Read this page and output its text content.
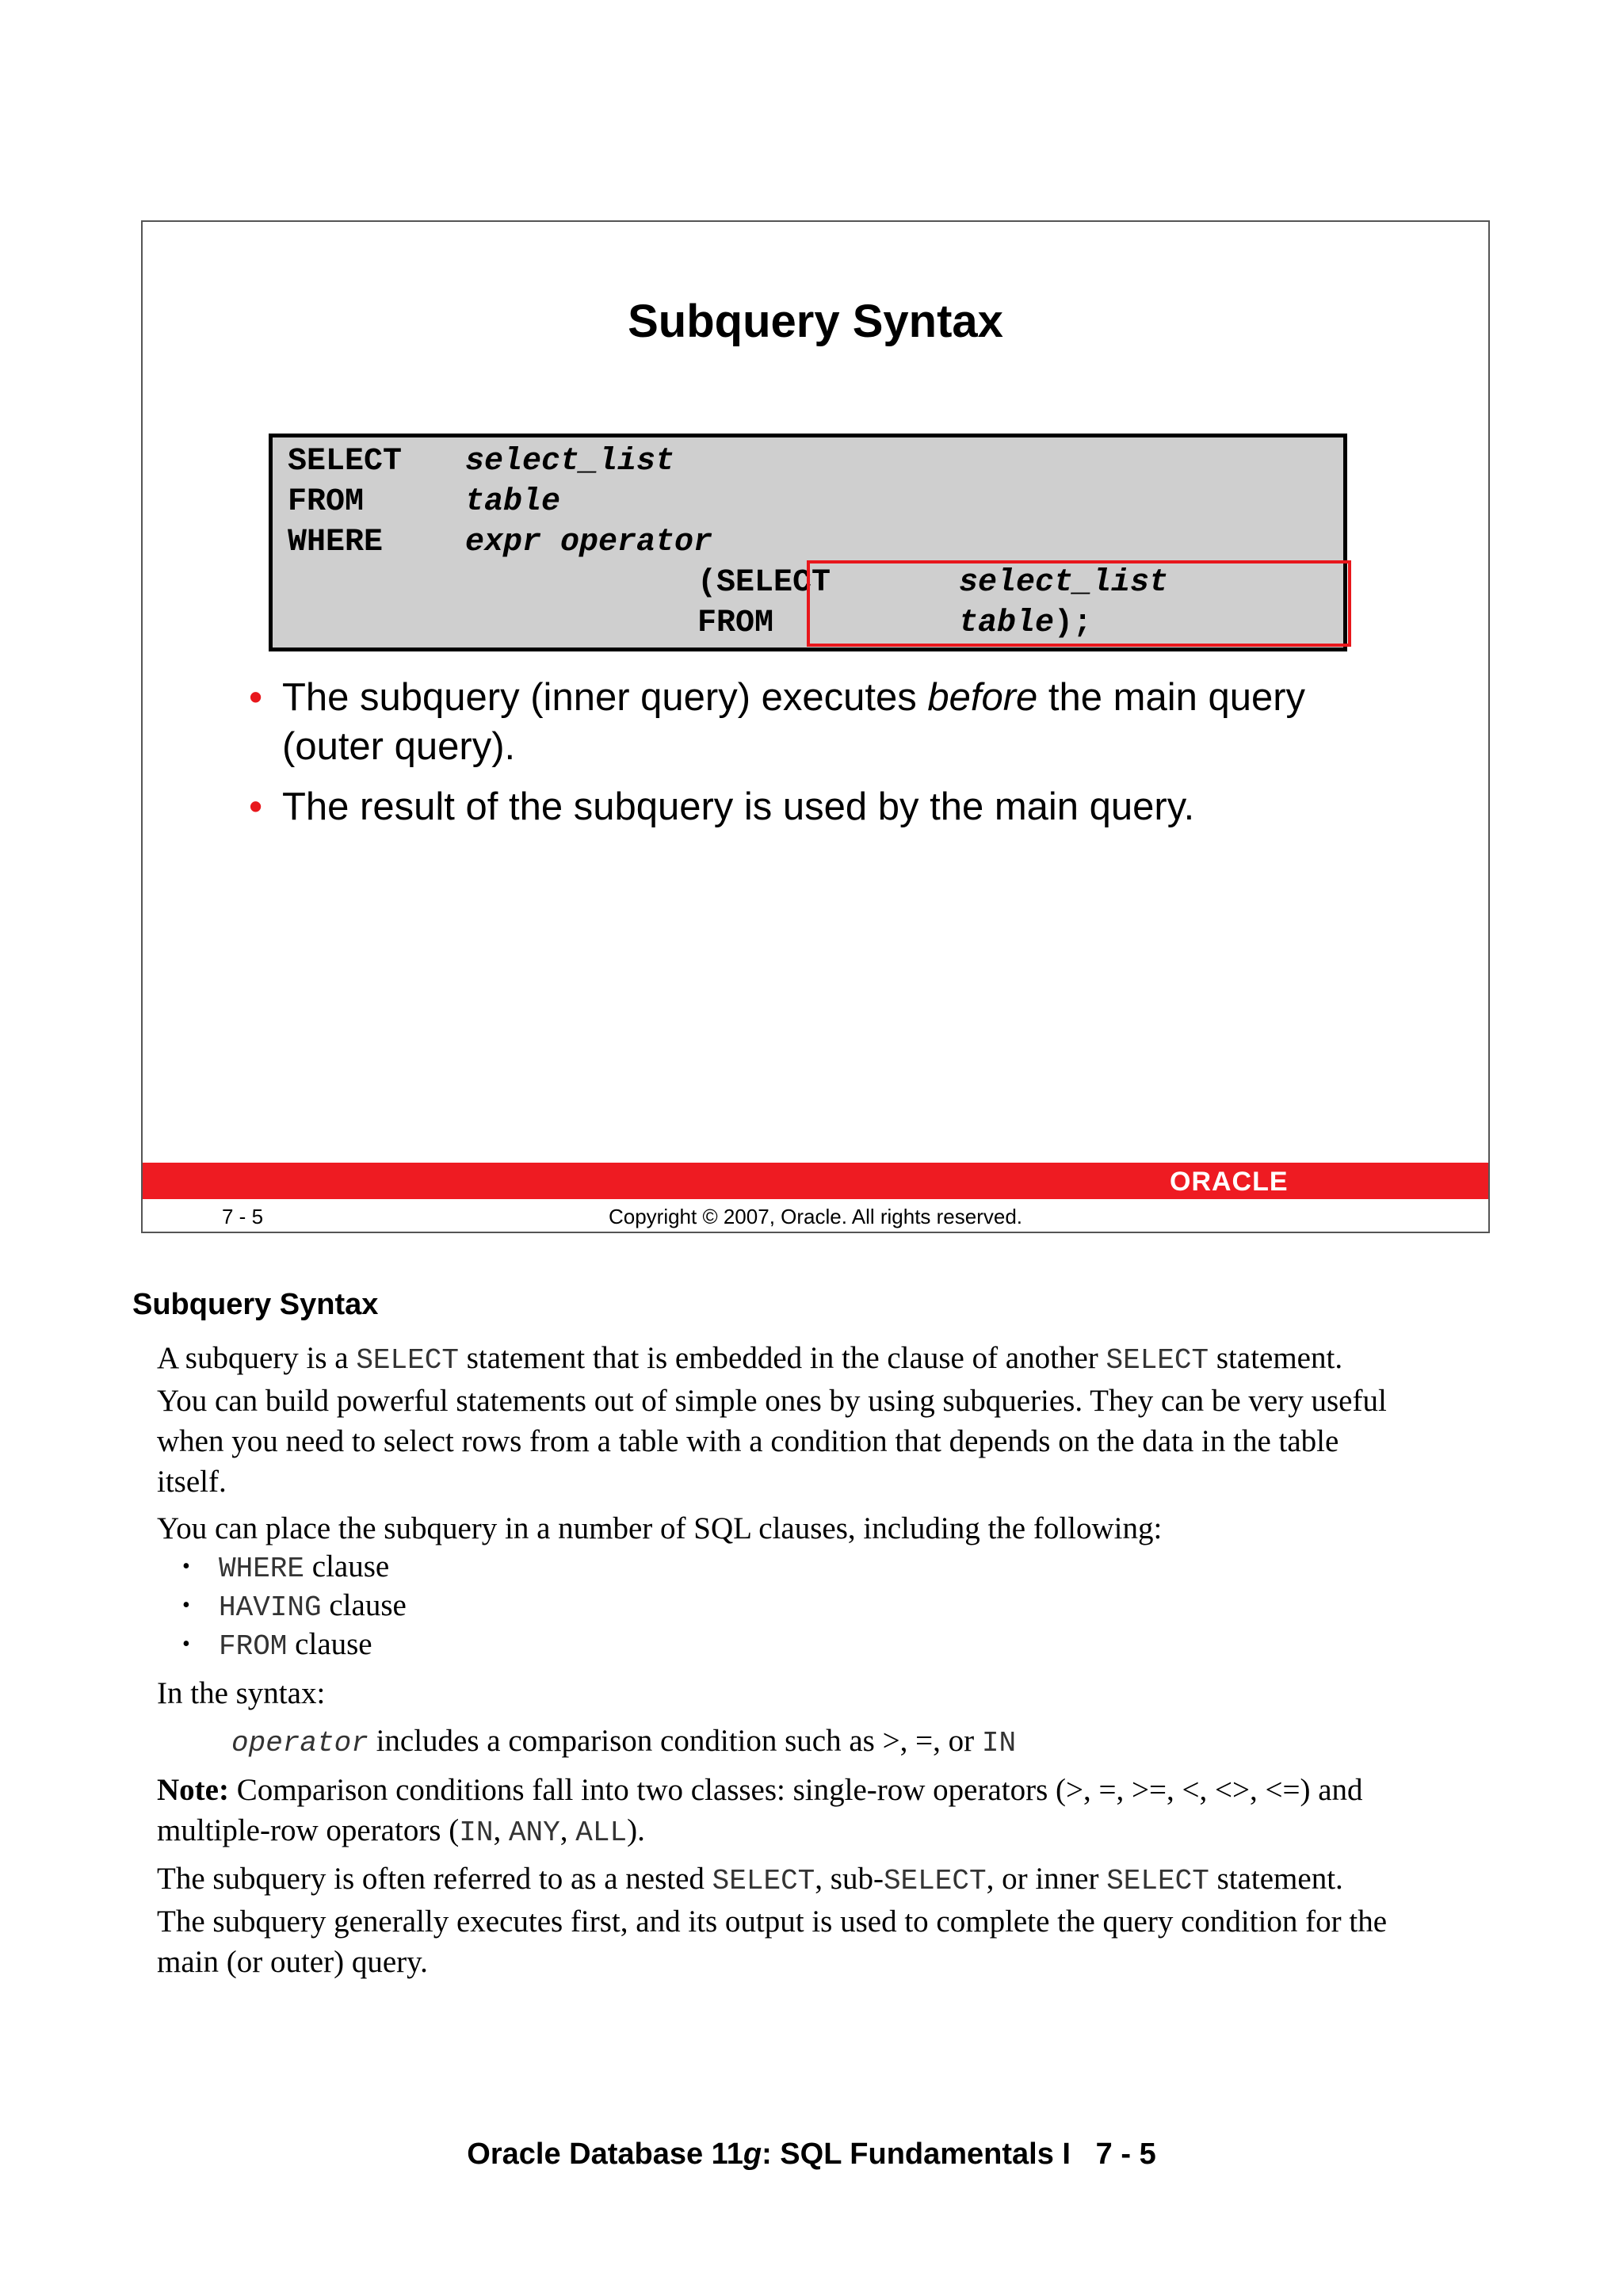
Subquery Syntax
SELECT select_list
FROM	table
WHERE	expr operator
(SELECT	select_list
FROM	table);
• The subquery (inner query) executes before the main query
(outer query).
• The result of the subquery is used by the main query.
ORACLE
7 - 5	Copyright © 2007, Oracle. All rights reserved.
Subquery Syntax
A subquery is a SELECT statement that is embedded in the clause of another SELECT statement.
You can build powerful statements out of simple ones by using subqueries. They can be very useful
when you need to select rows from a table with a condition that depends on the data in the table
itself.
You can place the subquery in a number of SQL clauses, including the following:
• WHERE clause
• HAVING clause
• FROM clause
In the syntax:
operator includes a comparison condition such as >, =, or IN
Note: Comparison conditions fall into two classes: single-row operators (>, =, >=, <, <>, <=) and
multiple-row operators (IN, ANY, ALL).
The subquery is often referred to as a nested SELECT, sub-SELECT, or inner SELECT statement.
The subquery generally executes first, and its output is used to complete the query condition for the
main (or outer) query.
Oracle Database 11g: SQL Fundamentals I   7 - 5
